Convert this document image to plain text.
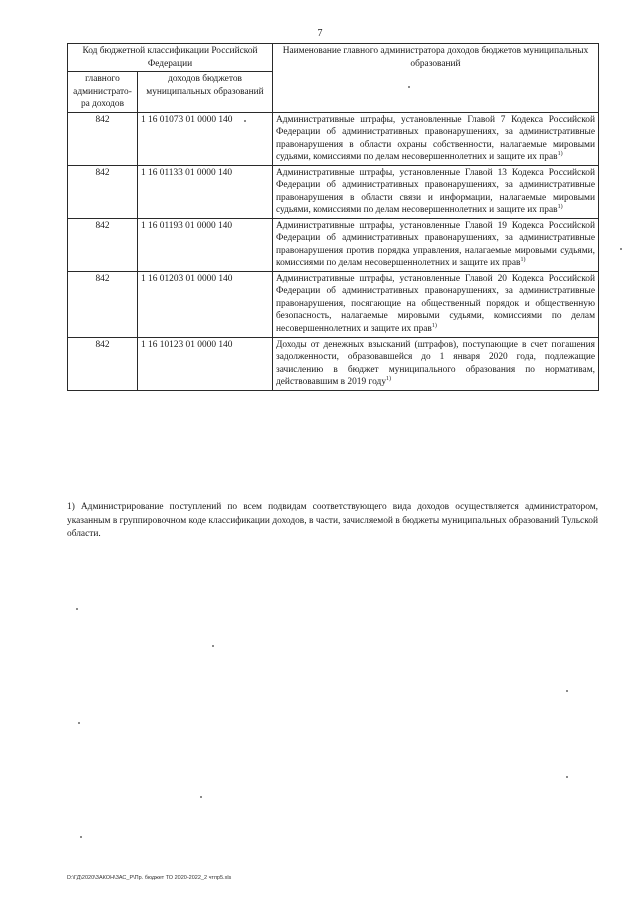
7
Код бюджетной классификации Российской Федерации		Наименование главного администратора доходов бюджетов муниципальных образований
главного администрато-ра доходов	доходов бюджетов муниципальных образований	
842	1 16 01073 01 0000 140	Административные штрафы, установленные Главой 7 Кодекса Российской Федерации об административных правонарушениях, за административные правонарушения в области охраны собственности, налагаемые мировыми судьями, комиссиями по делам несовершеннолетних и защите их прав$^{1)}$
842	1 16 01133 01 0000 140	Административные штрафы, установленные Главой 13 Кодекса Российской Федерации об административных правонарушениях, за административные правонарушения в области связи и информации, налагаемые мировыми судьями, комиссиями по делам несовершеннолетних и защите их прав$^{1)}$
842	1 16 01193 01 0000 140	Административные штрафы, установленные Главой 19 Кодекса Российской Федерации об административных правонарушениях, за административные правонарушения против порядка управления, налагаемые мировыми судьями, комиссиями по делам несовершеннолетних и защите их прав$^{1)}$
842	1 16 01203 01 0000 140	Административные штрафы, установленные Главой 20 Кодекса Российской Федерации об административных правонарушениях, за административные правонарушения, посягающие на общественный порядок и общественную безопасность, налагаемые мировыми судьями, комиссиями по делам несовершеннолетних и защите их прав$^{1)}$
842	1 16 10123 01 0000 140	Доходы от денежных взысканий (штрафов), поступающие в счет погашения задолженности, образовавшейся до 1 января 2020 года, подлежащие зачислению в бюджет муниципального образования по нормативам, действовавшим в 2019 году$^{1)}$
1) Администрирование поступлений по всем подвидам соответствующего вида доходов осуществляется администратором, указанным в группировочном коде классификации доходов, в части, зачисляемой в бюджеты муниципальных образований Тульской области.
D:\ГД\2020\ЗАКОН\ЗАС_Р\Пр. бюджет ТО 2020-2022_2 чтпр5.xls
